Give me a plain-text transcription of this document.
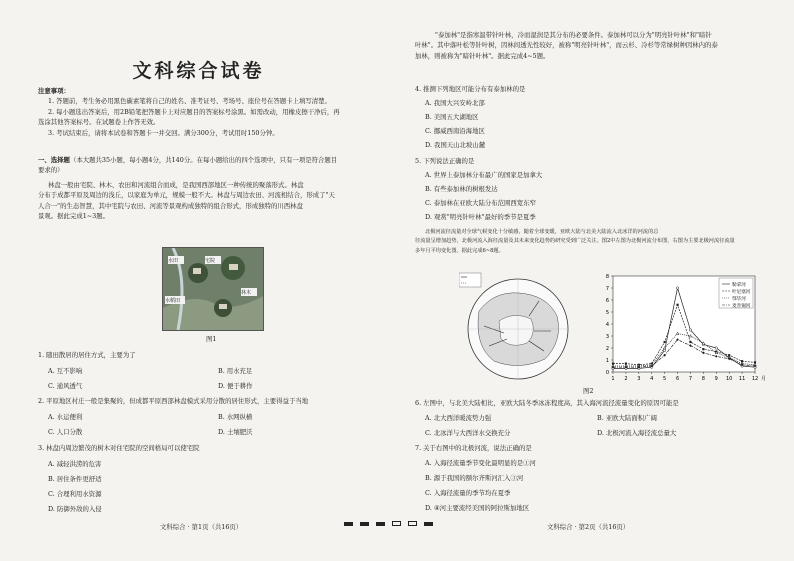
文科综合试卷
注意事项：
1. 答题前，考生务必用黑色碳素笔将自己的姓名、准考证号、考场号、座位号在答题卡上填写清楚。
2. 每小题选出答案后，用2B铅笔把答题卡上对应题目的答案标号涂黑。如需改动，用橡皮擦干净后，再
选涂其他答案标号。在试题卷上作答无效。
3. 考试结束后，请将本试卷和答题卡一并交回。满分300分，考试用时150分钟。
一、选择题（本大题共35小题，每小题4分，共140分。在每小题给出的四个选项中，只有一项是符合题目
要求的）
林盘一般由宅院、林木、农田和河流组合而成，是我国西部地区一种传统的聚落形式。林盘
分布于成都平原及周边的浅丘，以家庭为单元，规模一般不大。林盘与周边农田、河流相结合，形成了"天
人合一"的生态智慧，其中宅院与农田、河流等景观构成独特的组合形式，形成独特的川西林盘
景观。据此完成1~3题。
水田	宅院
林木
水稻田
图1
1. 随田散居的居住方式，主要为了
A. 互不影响	B. 用水充足
C. 通风透气	D. 便于耕作
2. 平原地区村庄一般是集聚的，但成都平原西部林盘模式采用分散的居住形式，主要得益于当地
A. 水运便利	B. 水网纵横
C. 人口分散	D. 土壤肥沃
3. 林盘内周边繁茂的树木对住宅院的空间格局可以使宅院
A. 减轻洪涝的危害
B. 居住条件更舒适
C. 合理利用水资源
D. 防御外敌的入侵
文科综合 · 第1页（共16页）
"泰加林"是指寒温带针叶林，冷而湿润是其分布的必要条件。泰加林可以分为"明亮针叶林"和"暗针
叶林"。其中落叶松等针叶树，因林间透光性较好，被称"明亮针叶林"，而云杉、冷杉等常绿树种因林内的泰
加林，则被称为"暗针叶林"。据此完成4~5题。
4. 推测下列地区可能分布有泰加林的是
A. 我国大兴安岭北部
B. 美国五大湖地区
C. 挪威西南沿海地区
D. 我国天山北坡山麓
5. 下列说法正确的是
A. 世界上泰加林分布最广的国家是加拿大
B. 有些泰加林的树根发达
C. 泰加林在亚欧大陆分布范围西宽东窄
D. 观赏"明亮针叶林"最好的季节是夏季
北极河流径流量对全球气候变化十分敏感，随着全球变暖，亚欧大陆与北美大陆流入北冰洋的河流的总
径流量呈增加趋势，北极河流入海径流量及其未来变化趋势的研究受到广泛关注。图2中左图为北极河流分布图，右图为主要北极河流径流量
多年月平均变化图。据此完成6~8题。
0
1
2
3
4
5
6
7
8
1 2 3 4 5 6 7 8 9 10 11 12 月
勒拿河
叶尼塞河
鄂毕河
麦肯锡河
图2
6. 左图中，与北美大陆相比，亚欧大陆冬季冰冻程度高，其入海河流径流量变化的原因可能是
A. 北大西洋暖流势力强	B. 亚欧大陆面积广阔
C. 北冰洋与大西洋水交换充分	D. 北极河流入海径流总量大
7. 关于右图中的北极河流，说法正确的是
A. 入海径流量季节变化最明显的是①河
B. 源于我国的额尔齐斯河汇入③河
C. 入海径流量的季节均在夏季
D. ④河主要流经美国的阿拉斯加地区
文科综合 · 第2页（共16页）
